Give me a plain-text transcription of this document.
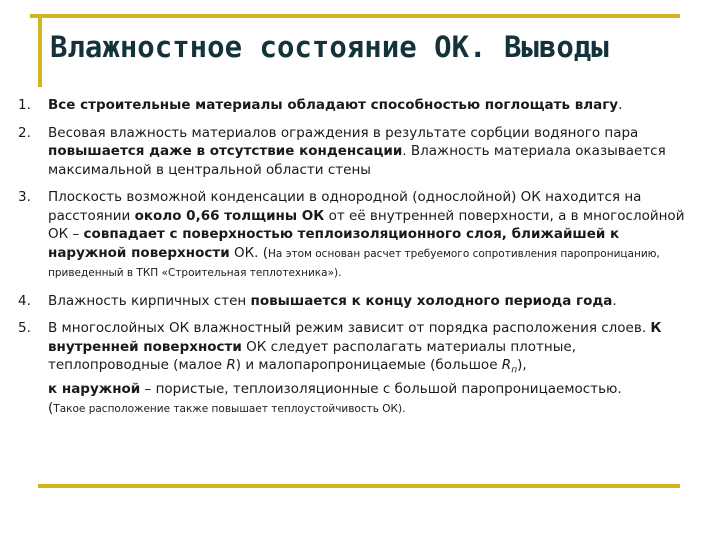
Влажностное состояние ОК. Выводы
1.	Все строительные материалы обладают способностью поглощать влагу.
2.	Весовая влажность материалов ограждения в результате сорбции водяного пара повышается даже в отсутствие конденсации. Влажность материала оказывается максимальной в центральной области стены
3.	Плоскость возможной конденсации в однородной (однослойной) ОК находится на расстоянии около 0,66 толщины ОК от её внутренней поверхности, а в многослойной ОК – совпадает с поверхностью теплоизоляционного слоя, ближайшей к наружной поверхности ОК. (На этом основан расчет требуемого сопротивления паропроницанию, приведенный в ТКП «Строительная теплотехника»).
4.	Влажность кирпичных стен повышается к концу холодного периода года.
5.	В многослойных ОК влажностный режим зависит от порядка расположения слоев. К внутренней поверхности ОК следует располагать материалы плотные, теплопроводные (малое R) и малопаропроницаемые (большое $R_п$),
к наружной – пористые, теплоизоляционные с большой паропроницаемостью.
(Такое расположение также повышает теплоустойчивость ОК).
